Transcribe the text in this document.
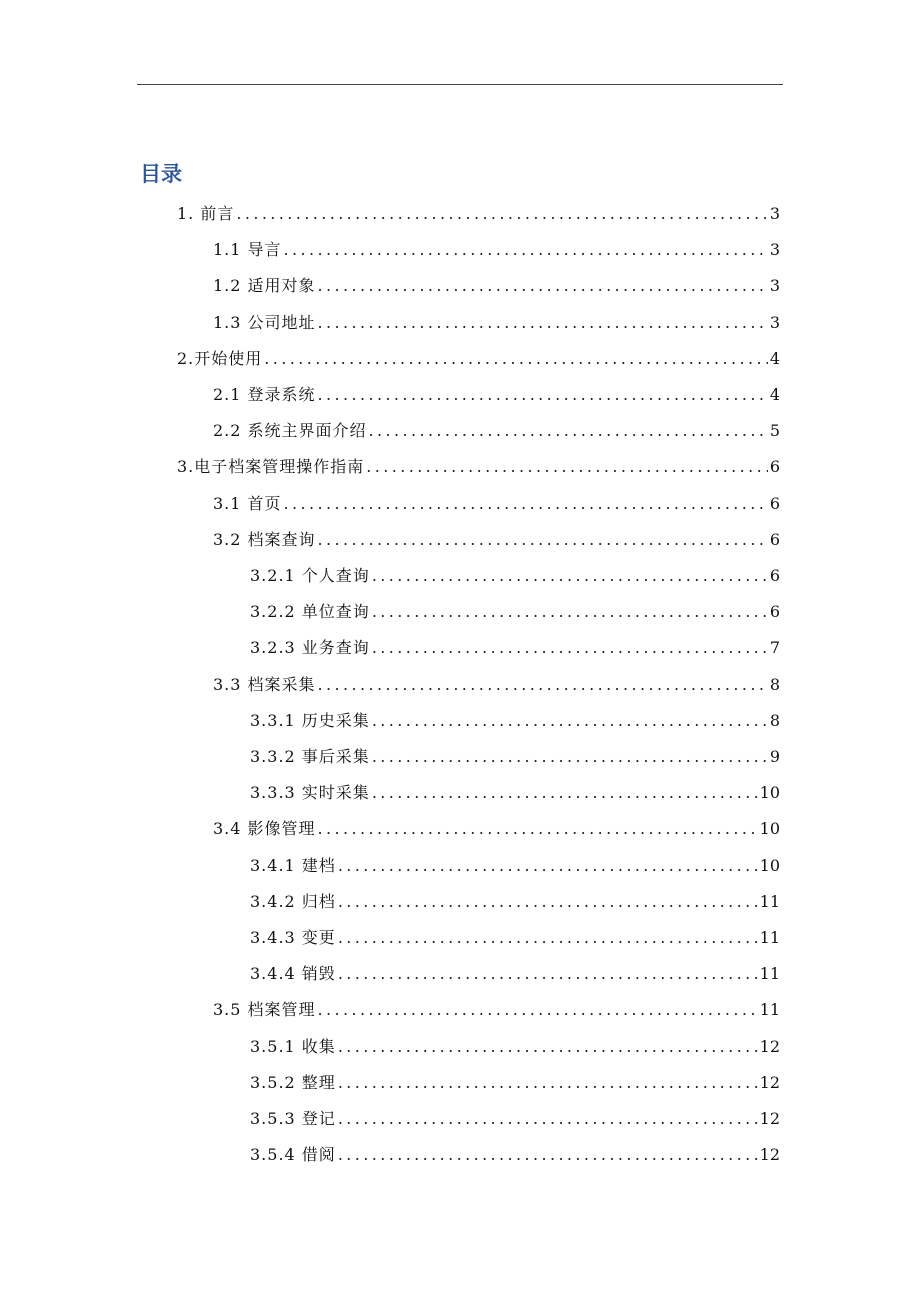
目录
1. 前言 .....	3
1.1 导言 .....	3
1.2 适用对象 .....	3
1.3 公司地址 .....	3
2.开始使用 .....	4
2.1 登录系统 .....	4
2.2 系统主界面介绍 .....	5
3.电子档案管理操作指南 .....	6
3.1 首页 .....	6
3.2 档案查询 .....	6
3.2.1 个人查询 .....	6
3.2.2 单位查询 .....	6
3.2.3 业务查询 .....	7
3.3 档案采集 .....	8
3.3.1 历史采集 .....	8
3.3.2 事后采集 .....	9
3.3.3 实时采集 .....	10
3.4 影像管理 .....	10
3.4.1 建档 .....	10
3.4.2 归档 .....	11
3.4.3 变更 .....	11
3.4.4 销毁 .....	11
3.5 档案管理 .....	11
3.5.1 收集 .....	12
3.5.2 整理 .....	12
3.5.3 登记 .....	12
3.5.4 借阅 .....	12
